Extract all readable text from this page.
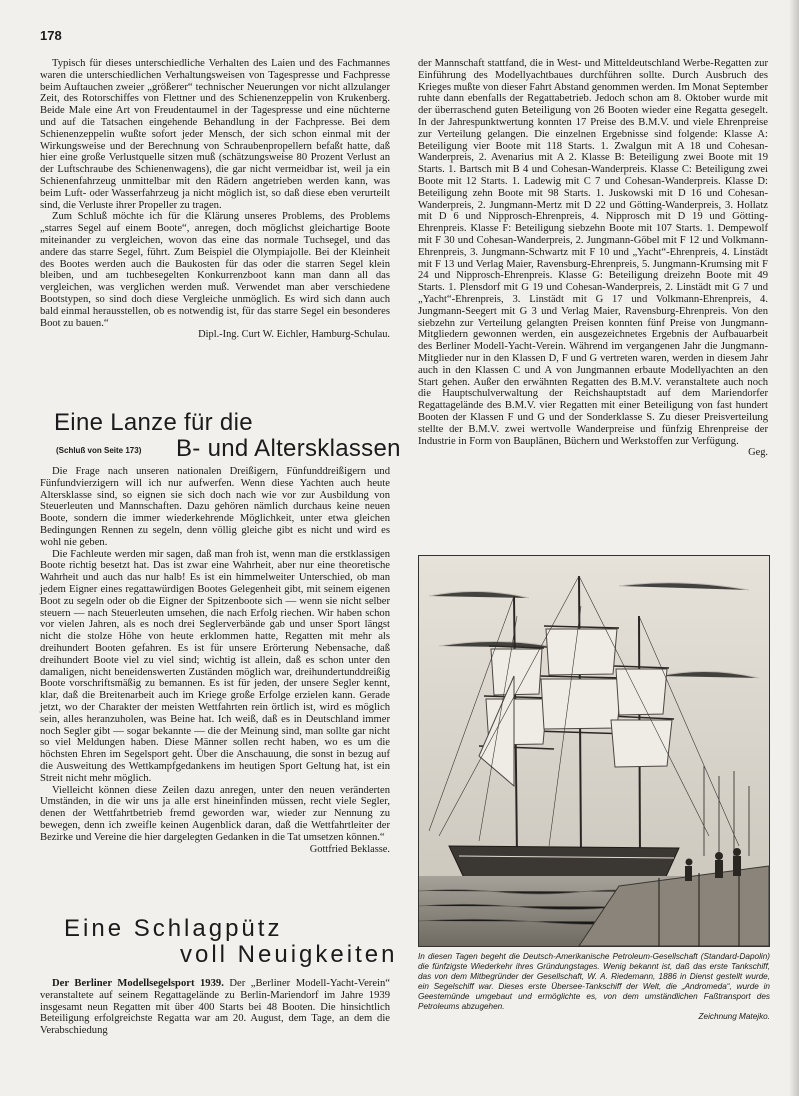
178

Typisch für dieses unterschiedliche Verhalten des Laien und des Fachmannes waren die unterschiedlichen Verhaltungsweisen von Tagespresse und Fachpresse beim Auftauchen zweier „größerer“ technischer Neuerungen vor nicht allzulanger Zeit, des Rotorschiffes von Flettner und des Schienenzeppelin von Krukenberg. Beide Male eine Art von Freudentaumel in der Tagespresse und eine nüchterne und auf die Tatsachen eingehende Behandlung in der Fachpresse. Bei dem Schienenzeppelin wußte sofort jeder Mensch, der sich schon einmal mit der Wirkungsweise und der Berechnung von Schraubenpropellern befaßt hatte, daß hier eine große Verlustquelle sitzen muß (schätzungsweise 80 Prozent Verlust an der Luftschraube des Schienenwagens), die gar nicht vermeidbar ist, weil ja ein Schienenfahrzeug unmittelbar mit den Rädern angetrieben werden kann, was beim Luft- oder Wasserfahrzeug ja nicht möglich ist, so daß diese eben verurteilt sind, die Verluste ihrer Propeller zu tragen.

Zum Schluß möchte ich für die Klärung unseres Problems, des Problems „starres Segel auf einem Boote“, anregen, doch möglichst gleichartige Boote miteinander zu vergleichen, wovon das eine das normale Tuchsegel, und das andere das starre Segel, führt. Zum Beispiel die Olympiajolle. Bei der Kleinheit des Bootes werden auch die Baukosten für das oder die starren Segel klein bleiben, und am tuchbesegelten Konkurrenzboot kann man dann all das vergleichen, was verglichen werden muß. Verwendet man aber verschiedene Bootstypen, so sind doch diese Vergleiche unmöglich. Es wird sich dann auch bald einmal herausstellen, ob es notwendig ist, für das starre Segel ein besonderes Boot zu bauen.“

Dipl.-Ing. Curt W. Eichler, Hamburg-Schulau.
Eine Lanze für die
(Schluß von Seite 173) B- und Altersklassen

Die Frage nach unseren nationalen Dreißigern, Fünfunddreißigern und Fünfundvierzigern will ich nur aufwerfen. Wenn diese Yachten auch heute Altersklasse sind, so eignen sie sich doch nach wie vor zur Ausbildung von Steuerleuten und Mannschaften. Dazu gehören nämlich durchaus keine neuen Boote, sondern die immer wiederkehrende Möglichkeit, unter etwa gleichen Bedingungen Rennen zu segeln, denn völlig gleiche gibt es nicht und wird es wohl nie geben.

Die Fachleute werden mir sagen, daß man froh ist, wenn man die erstklassigen Boote richtig besetzt hat. Das ist zwar eine Wahrheit, aber nur eine theoretische Wahrheit und auch das nur halb! Es ist ein himmelweiter Unterschied, ob man jedem Eigner eines regattawürdigen Bootes Gelegenheit gibt, mit seinem eigenen Boot zu segeln oder ob die Eigner der Spitzenboote sich — wenn sie nicht selber steuern — nach Steuerleuten umsehen, die nach Erfolg riechen. Wir haben schon vor vielen Jahren, als es noch drei Seglerverbände gab und unser Sport längst nicht die stolze Höhe von heute erklommen hatte, Regatten mit mehr als dreihundert Booten gefahren. Es ist für unsere Erörterung Nebensache, daß dreihundert Boote viel zu viel sind; wichtig ist allein, daß es schon unter den damaligen, nicht beneidenswerten Zuständen möglich war, dreihundertunddreißig Boote vorschriftsmäßig zu bemannen. Es ist für jeden, der unsere Segler kennt, klar, daß die Breitenarbeit auch im Kriege große Erfolge erzielen kann. Gerade jetzt, wo der Charakter der meisten Wettfahrten rein örtlich ist, wird es möglich sein, alles heranzuholen, was Beine hat. Ich weiß, daß es in Deutschland immer noch Segler gibt — sogar bekannte — die der Meinung sind, man sollte gar nicht so viel Meldungen haben. Diese Männer sollen recht haben, wo es um die höchsten Ehren im Segelsport geht. Über die Anschauung, die sonst in bezug auf die Ausweitung des Wettkampfgedankens im heutigen Sport Geltung hat, ist ein Streit nicht mehr möglich.

Vielleicht können diese Zeilen dazu anregen, unter den neuen veränderten Umständen, in die wir uns ja alle erst hineinfinden müssen, recht viele Segler, denen der Wettfahrtbetrieb fremd geworden war, wieder zur Nennung zu bewegen, denn ich zweifle keinen Augenblick daran, daß die Wettfahrtleiter der Bezirke und Vereine die hier dargelegten Gedanken in die Tat umsetzen können.“

Gottfried Beklasse.
Eine Schlagpütz
voll Neuigkeiten

Der Berliner Modellsegelsport 1939. Der „Berliner Modell-Yacht-Verein“ veranstaltete auf seinem Regattagelände zu Berlin-Mariendorf im Jahre 1939 insgesamt neun Regatten mit über 400 Starts bei 48 Booten. Die hinsichtlich Beteiligung erfolgreichste Regatta war am 20. August, dem Tage, an dem die Verabschiedung

der Mannschaft stattfand, die in West- und Mitteldeutschland Werbe-Regatten zur Einführung des Modellyachtbaues durchführen sollte. Durch Ausbruch des Krieges mußte von dieser Fahrt Abstand genommen werden. Im Monat September ruhte dann ebenfalls der Regattabetrieb. Jedoch schon am 8. Oktober wurde mit der überraschend guten Beteiligung von 26 Booten wieder eine Regatta gesegelt. In der Jahrespunktwertung konnten 17 Preise des B.M.V. und viele Ehrenpreise zur Verteilung gelangen. Die einzelnen Ergebnisse sind folgende: Klasse A: Beteiligung vier Boote mit 118 Starts. 1. Zwalgun mit A 18 und Cohesan-Wanderpreis, 2. Avenarius mit A 2. Klasse B: Beteiligung zwei Boote mit 19 Starts. 1. Bartsch mit B 4 und Cohesan-Wanderpreis. Klasse C: Beteiligung zwei Boote mit 12 Starts. 1. Ladewig mit C 7 und Cohesan-Wanderpreis. Klasse D: Beteiligung zehn Boote mit 98 Starts. 1. Juskowski mit D 16 und Cohesan-Wanderpreis, 2. Jungmann-Mertz mit D 22 und Götting-Wanderpreis, 3. Hollatz mit D 6 und Nipprosch-Ehrenpreis, 4. Nipprosch mit D 19 und Götting-Ehrenpreis. Klasse F: Beteiligung siebzehn Boote mit 107 Starts. 1. Dempewolf mit F 30 und Cohesan-Wanderpreis, 2. Jungmann-Göbel mit F 12 und Volkmann-Ehrenpreis, 3. Jungmann-Schwartz mit F 10 und „Yacht“-Ehrenpreis, 4. Linstädt mit F 13 und Verlag Maier, Ravensburg-Ehrenpreis, 5. Jungmann-Krumsing mit F 24 und Nipprosch-Ehrenpreis. Klasse G: Beteiligung dreizehn Boote mit 49 Starts. 1. Plensdorf mit G 19 und Cohesan-Wanderpreis, 2. Linstädt mit G 7 und „Yacht“-Ehrenpreis, 3. Linstädt mit G 17 und Volkmann-Ehrenpreis, 4. Jungmann-Seegert mit G 3 und Verlag Maier, Ravensburg-Ehrenpreis. Von den siebzehn zur Verteilung gelangten Preisen konnten fünf Preise von Jungmann-Mitgliedern gewonnen werden, ein ausgezeichnetes Ergebnis der Aufbauarbeit des Berliner Modell-Yacht-Verein. Während im vergangenen Jahr die Jungmann-Mitglieder nur in den Klassen D, F und G vertreten waren, werden in diesem Jahr auch in den Klassen C und A von Jungmannen erbaute Modellyachten an den Start gehen. Außer den erwähnten Regatten des B.M.V. veranstaltete auch noch die Hauptschulverwaltung der Reichshauptstadt auf dem Mariendorfer Regattagelände des B.M.V. vier Regatten mit einer Beteiligung von fast hundert Booten der Klassen F und G und der Sonderklasse S. Zu dieser Preisverteilung stellte der B.M.V. zwei wertvolle Wanderpreise und fünfzig Ehrenpreise der Industrie in Form von Bauplänen, Büchern und Werkstoffen zur Verfügung.

Geg.
In diesen Tagen begeht die Deutsch-Amerikanische Petroleum-Gesellschaft (Standard-Dapolin) die fünfzigste Wiederkehr ihres Gründungstages. Wenig bekannt ist, daß das erste Tankschiff, das von dem Mitbegründer der Gesellschaft, W. A. Riedemann, 1886 in Dienst gestellt wurde, ein Segelschiff war. Dieses erste Übersee-Tankschiff der Welt, die „Andromeda“, wurde in Geestemünde umgebaut und ermöglichte es, von dem umständlichen Faßtransport des Petroleums abzugehen.
Zeichnung Matejko.
